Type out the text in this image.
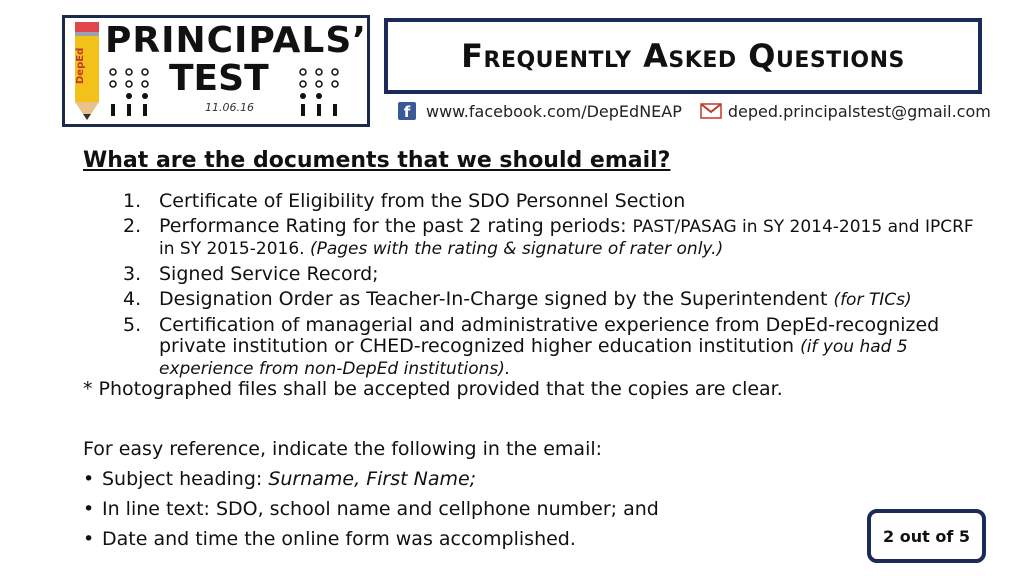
DepEd
PRINCIPALS’
TEST
11.06.16
Frequently Asked Questions
f www.facebook.com/DepEdNEAP	deped.principalstest@gmail.com
What are the documents that we should email?
1. Certificate of Eligibility from the SDO Personnel Section
2. Performance Rating for the past 2 rating periods: PAST/PASAG in SY 2014-2015 and IPCRF in SY 2015-2016. (Pages with the rating & signature of rater only.)
3. Signed Service Record;
4. Designation Order as Teacher-In-Charge signed by the Superintendent (for TICs)
5. Certification of managerial and administrative experience from DepEd-recognized private institution or CHED-recognized higher education institution (if you had 5 experience from non-DepEd institutions).
* Photographed files shall be accepted provided that the copies are clear.
For easy reference, indicate the following in the email:
• Subject heading: Surname, First Name;
• In line text: SDO, school name and cellphone number; and
• Date and time the online form was accomplished.	2 out of 5
